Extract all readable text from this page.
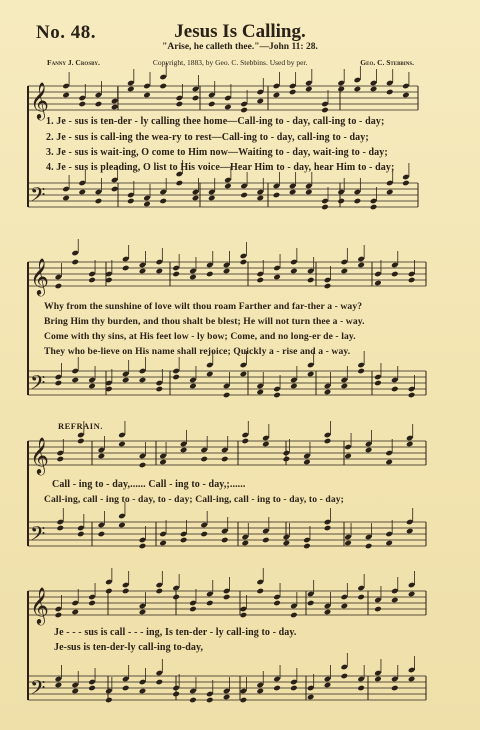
No. 48.	Jesus Is Calling.
"Arise, he calleth thee."—John 11: 28.
Fanny J. Crosby.	Copyright, 1883, by Geo. C. Stebbins. Used by per.	Geo. C. Stebbins.
𝄞
𝄢
𝄞
𝄢
𝄞
𝄢
𝄞
𝄢
1. Je - sus is ten-der - ly calling thee home—Call-ing to - day, call-ing to - day;
2. Je - sus is call-ing the wea-ry to rest—Call-ing to - day, call-ing to - day;
3. Je - sus is wait-ing, O come to Him now—Waiting to - day, wait-ing to - day;
4. Je - sus is pleading, O list to His voice—Hear Him to - day, hear Him to - day;
Why from the sunshine of love wilt thou roam Farther and far-ther a - way?
Bring Him thy burden, and thou shalt be blest; He will not turn thee a - way.
Come with thy sins, at His feet low - ly bow; Come, and no long-er de - lay.
They who be-lieve on His name shall rejoice; Quickly a - rise and a - way.
REFRAIN.
Call - ing to - day,...... Call - ing to - day,;......
Call-ing, call - ing to - day, to - day; Call-ing, call - ing to - day, to - day;
Je - - - sus is call - - - ing, Is ten-der - ly call-ing to - day.
Je-sus is ten-der-ly call-ing to-day,
